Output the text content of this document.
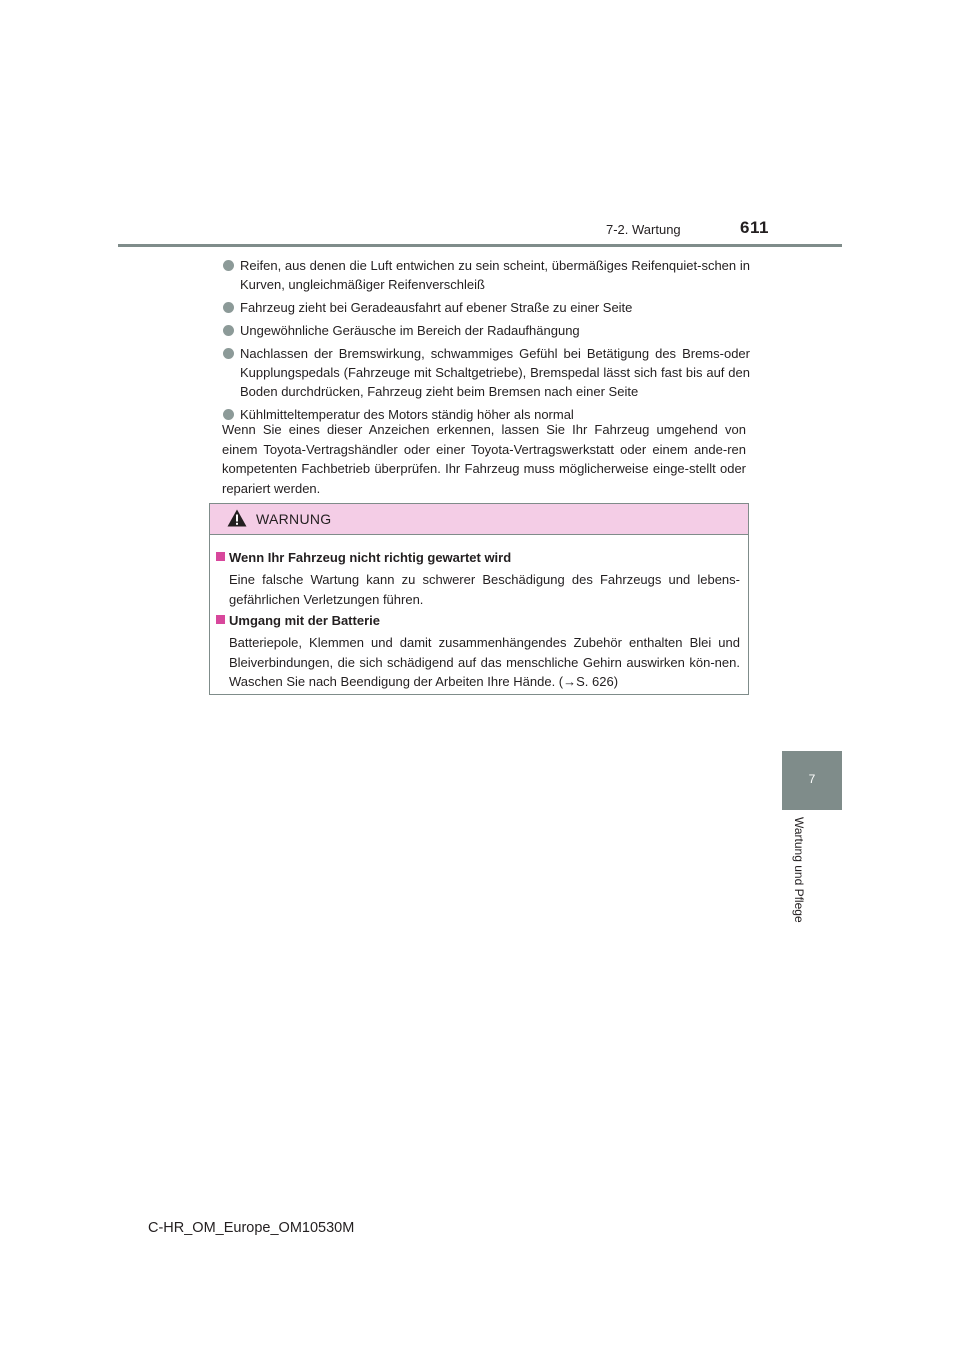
7-2. Wartung	611
Reifen, aus denen die Luft entwichen zu sein scheint, übermäßiges Reifenquiet-schen in Kurven, ungleichmäßiger Reifenverschleiß
Fahrzeug zieht bei Geradeausfahrt auf ebener Straße zu einer Seite
Ungewöhnliche Geräusche im Bereich der Radaufhängung
Nachlassen der Bremswirkung, schwammiges Gefühl bei Betätigung des Brems-oder Kupplungspedals (Fahrzeuge mit Schaltgetriebe), Bremspedal lässt sich fast bis auf den Boden durchdrücken, Fahrzeug zieht beim Bremsen nach einer Seite
Kühlmitteltemperatur des Motors ständig höher als normal

Wenn Sie eines dieser Anzeichen erkennen, lassen Sie Ihr Fahrzeug umgehend von einem Toyota-Vertragshändler oder einer Toyota-Vertragswerkstatt oder einem ande-ren kompetenten Fachbetrieb überprüfen. Ihr Fahrzeug muss möglicherweise einge-stellt oder repariert werden.

WARNUNG
Wenn Ihr Fahrzeug nicht richtig gewartet wird

Eine falsche Wartung kann zu schwerer Beschädigung des Fahrzeugs und lebens-gefährlichen Verletzungen führen.

Umgang mit der Batterie

Batteriepole, Klemmen und damit zusammenhängendes Zubehör enthalten Blei und Bleiverbindungen, die sich schädigend auf das menschliche Gehirn auswirken kön-nen. Waschen Sie nach Beendigung der Arbeiten Ihre Hände. (→S. 626)

7
Wartung und Pflege
C-HR_OM_Europe_OM10530M
